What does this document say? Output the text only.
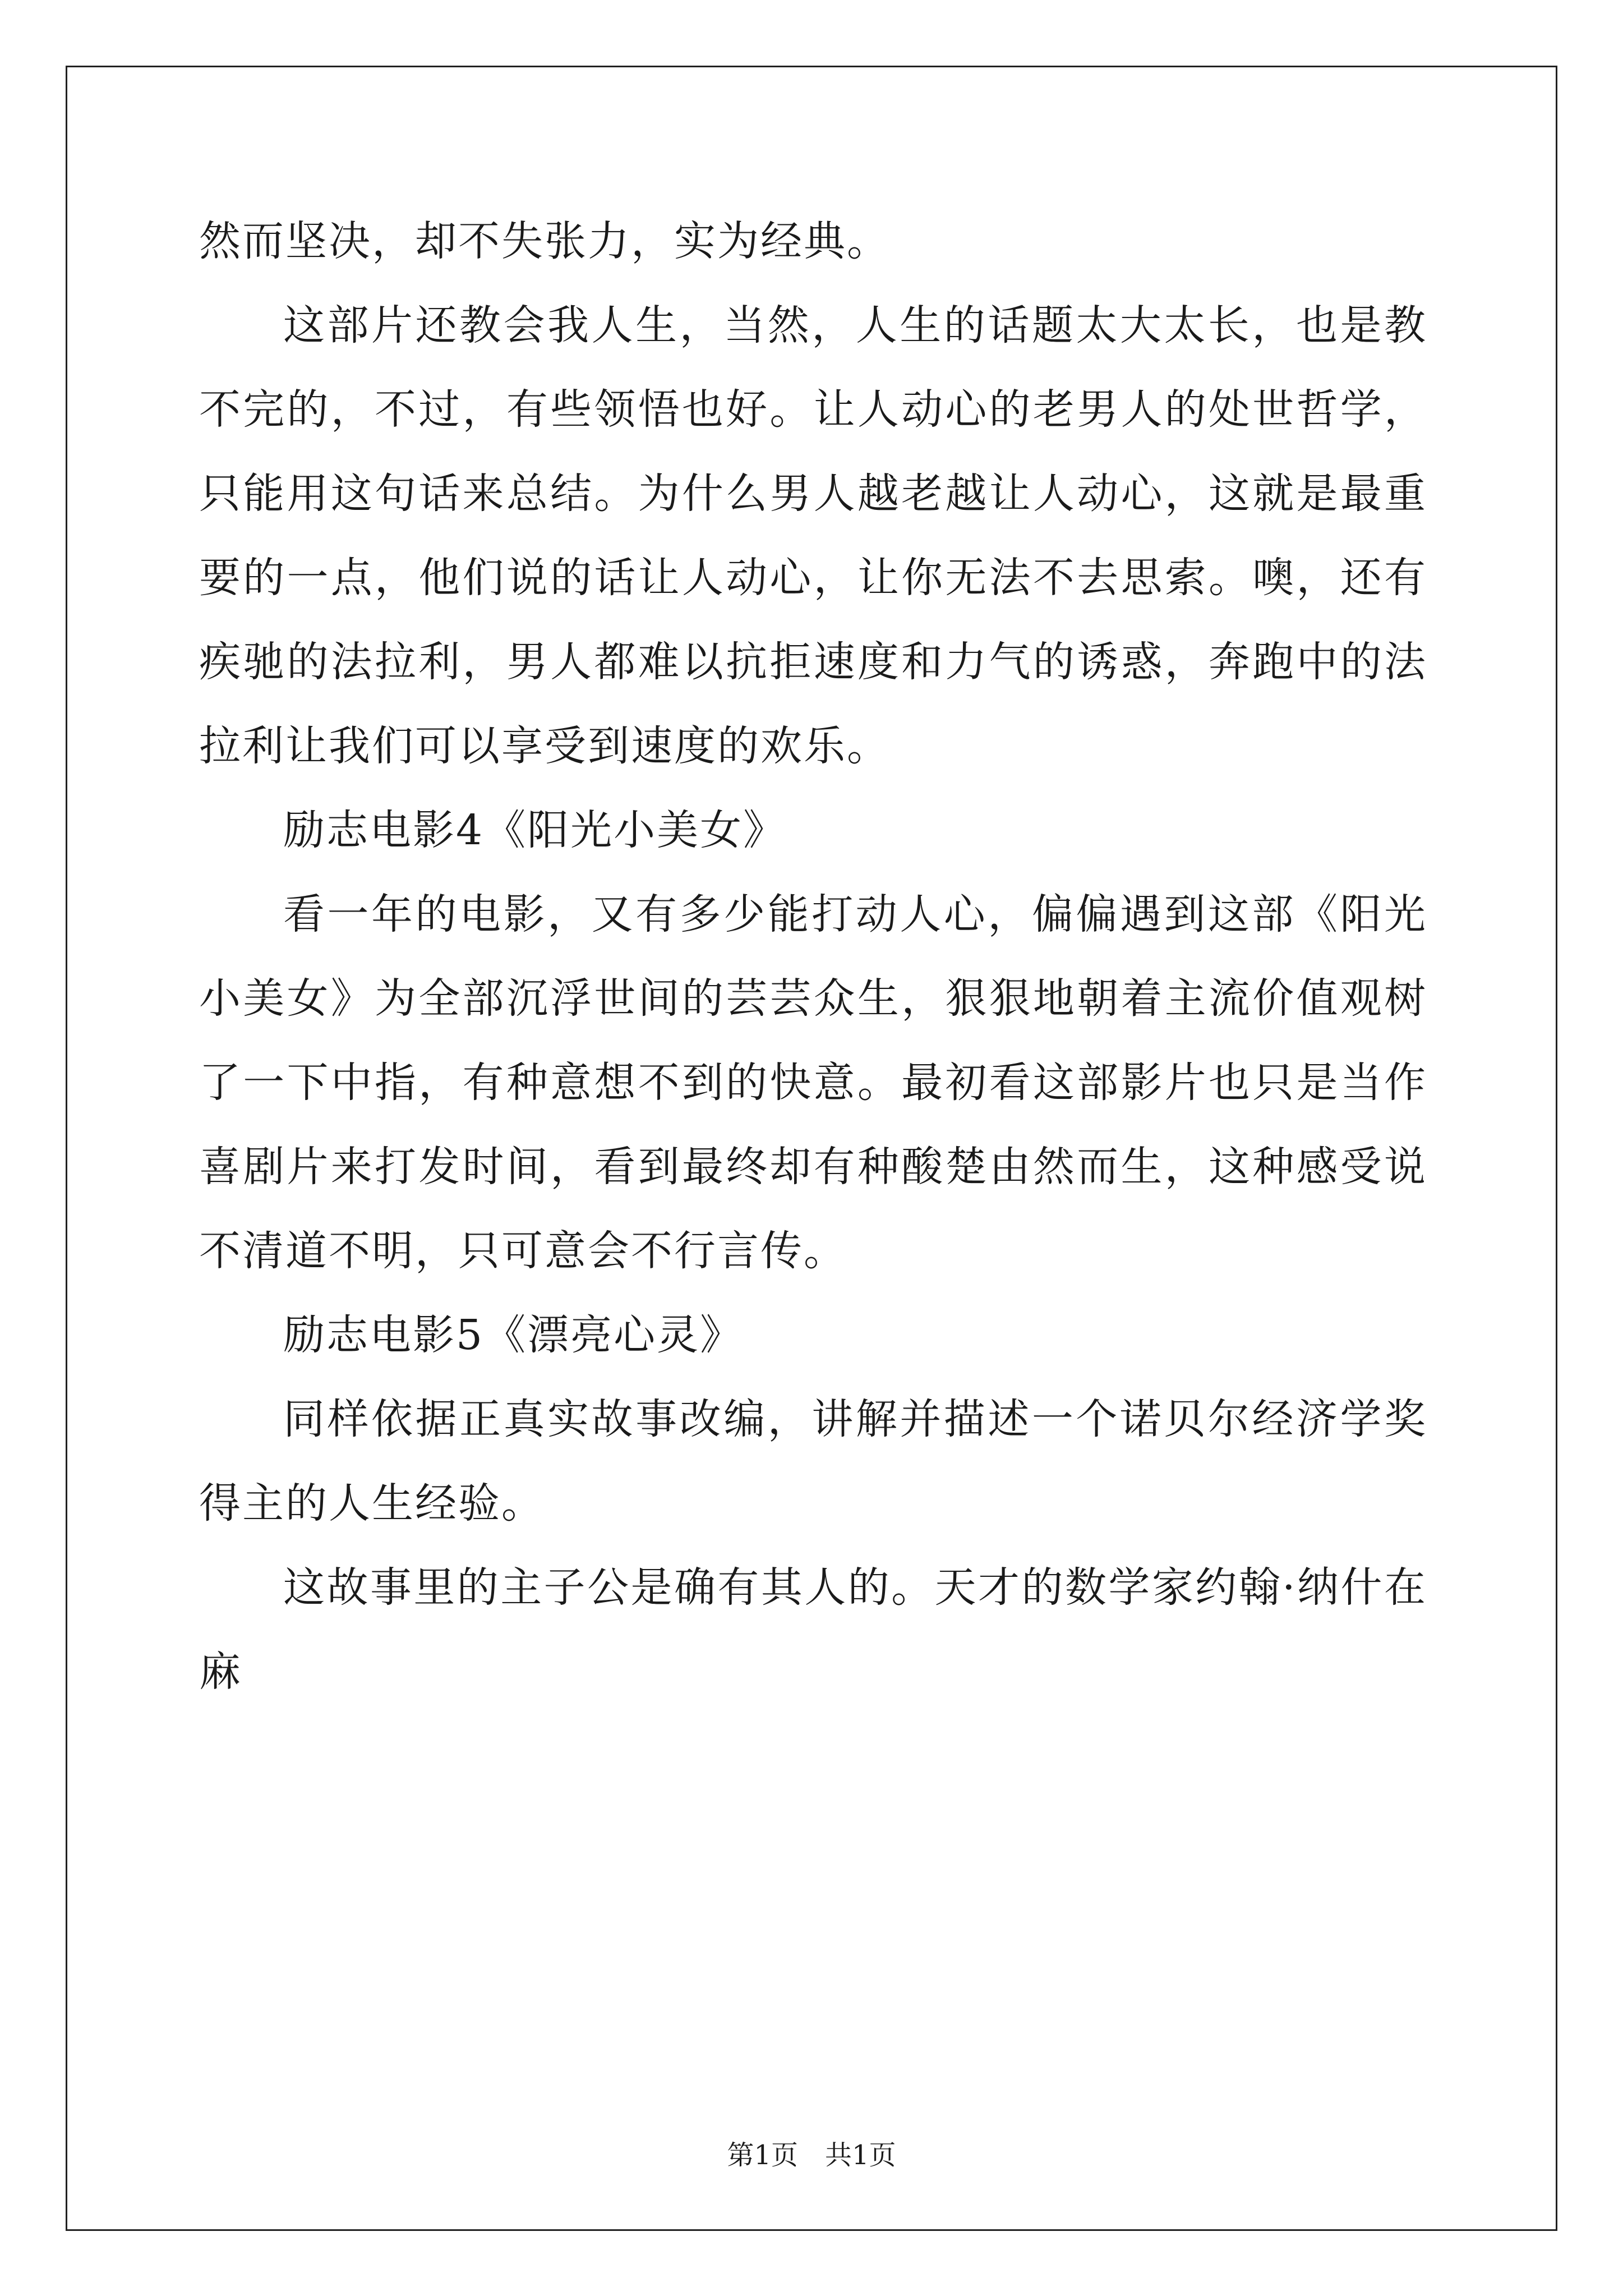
然而坚决，却不失张力，实为经典。

这部片还教会我人生，当然，人生的话题太大太长，也是教不完的，不过，有些领悟也好。让人动心的老男人的处世哲学，只能用这句话来总结。为什么男人越老越让人动心，这就是最重要的一点，他们说的话让人动心，让你无法不去思索。噢，还有疾驰的法拉利，男人都难以抗拒速度和力气的诱惑，奔跑中的法拉利让我们可以享受到速度的欢乐。

励志电影4《阳光小美女》

看一年的电影，又有多少能打动人心，偏偏遇到这部《阳光小美女》为全部沉浮世间的芸芸众生，狠狠地朝着主流价值观树了一下中指，有种意想不到的快意。最初看这部影片也只是当作喜剧片来打发时间，看到最终却有种酸楚由然而生，这种感受说不清道不明，只可意会不行言传。

励志电影5《漂亮心灵》

同样依据正真实故事改编，讲解并描述一个诺贝尔经济学奖得主的人生经验。

这故事里的主子公是确有其人的。天才的数学家约翰·纳什在麻

第1页　共1页
